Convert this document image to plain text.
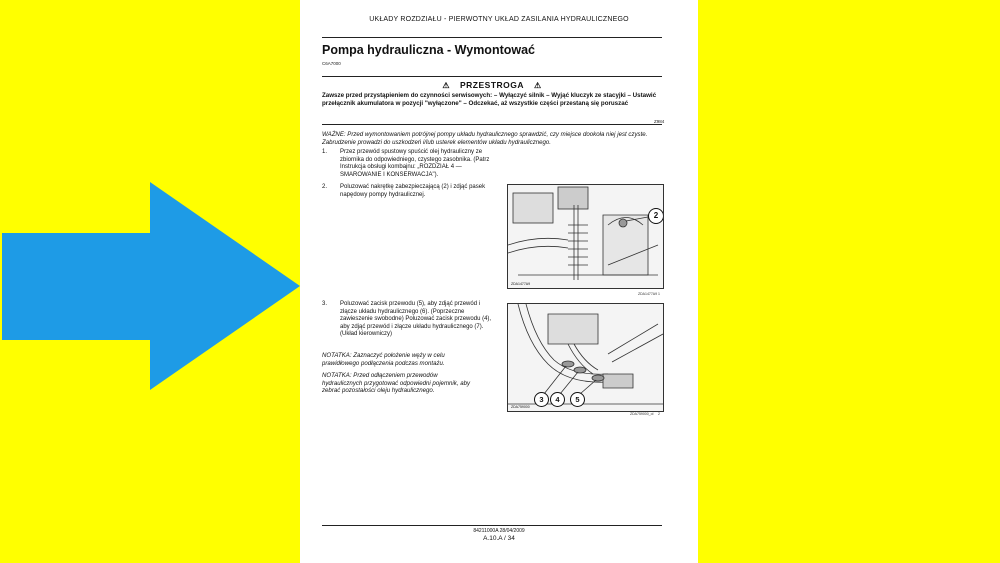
UKŁADY ROZDZIAŁU - PIERWOTNY UKŁAD ZASILANIA HYDRAULICZNEGO
Pompa hydrauliczna - Wymontować
C6A7000
⚠ PRZESTROGA ⚠
Zawsze przed przystąpieniem do czynności serwisowych: – Wyłączyć silnik – Wyjąć kluczyk ze stacyjki – Ustawić przełącznik akumulatora w pozycji "wyłączone" – Odczekać, aż wszystkie części przestaną się poruszać
Z984
WAŻNE: Przed wymontowaniem potrójnej pompy układu hydraulicznego sprawdzić, czy miejsce dookoła niej jest czyste. Zabrudzenie prowadzi do uszkodzeń i/lub usterek elementów układu hydraulicznego.
1. Przez przewód spustowy spuścić olej hydrauliczny ze zbiornika do odpowiedniego, czystego zasobnika. (Patrz Instrukcja obsługi kombajnu: „ROZDZIAŁ 4 — SMAROWANIE I KONSERWACJA").
2. Poluzować nakrętkę zabezpieczającą (2) i zdjąć pasek napędowy pompy hydraulicznej.
2
ZDA1477A9
ZDA1477A9 1
3. Poluzować zacisk przewodu (5), aby zdjąć przewód i złącze układu hydraulicznego (6). (Poprzeczne zawieszenie swobodne) Poluzować zacisk przewodu (4), aby zdjąć przewód i złącze układu hydraulicznego (7). (Układ kierowniczy)
NOTATKA: Zaznaczyć położenie węży w celu prawidłowego podłączenia podczas montażu.
NOTATKA: Przed odłączeniem przewodów hydraulicznych przygotować odpowiedni pojemnik, aby zebrać pozostałości oleju hydraulicznego.
3	4	5
ZDA759000
ZDA759000_ol 2
84211000A 28/04/2009
A.10.A / 34
